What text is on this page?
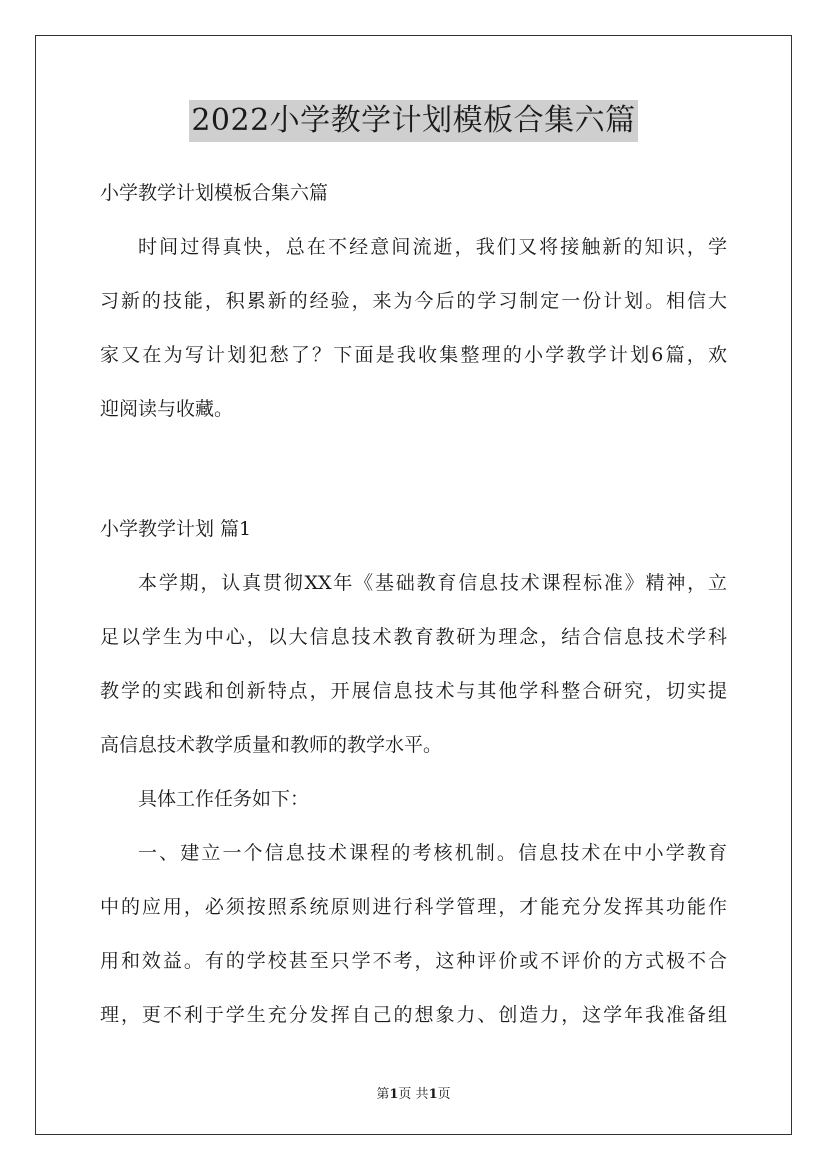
2022小学教学计划模板合集六篇

小学教学计划模板合集六篇

时间过得真快，总在不经意间流逝，我们又将接触新的知识，学

习新的技能，积累新的经验，来为今后的学习制定一份计划。相信大

家又在为写计划犯愁了？下面是我收集整理的小学教学计划6篇，欢

迎阅读与收藏。

小学教学计划 篇1

本学期，认真贯彻XX年《基础教育信息技术课程标准》精神，立

足以学生为中心，以大信息技术教育教研为理念，结合信息技术学科

教学的实践和创新特点，开展信息技术与其他学科整合研究，切实提

高信息技术教学质量和教师的教学水平。

具体工作任务如下：

一、建立一个信息技术课程的考核机制。信息技术在中小学教育

中的应用，必须按照系统原则进行科学管理，才能充分发挥其功能作

用和效益。有的学校甚至只学不考，这种评价或不评价的方式极不合

理，更不利于学生充分发挥自己的想象力、创造力，这学年我准备组

第1页 共1页
